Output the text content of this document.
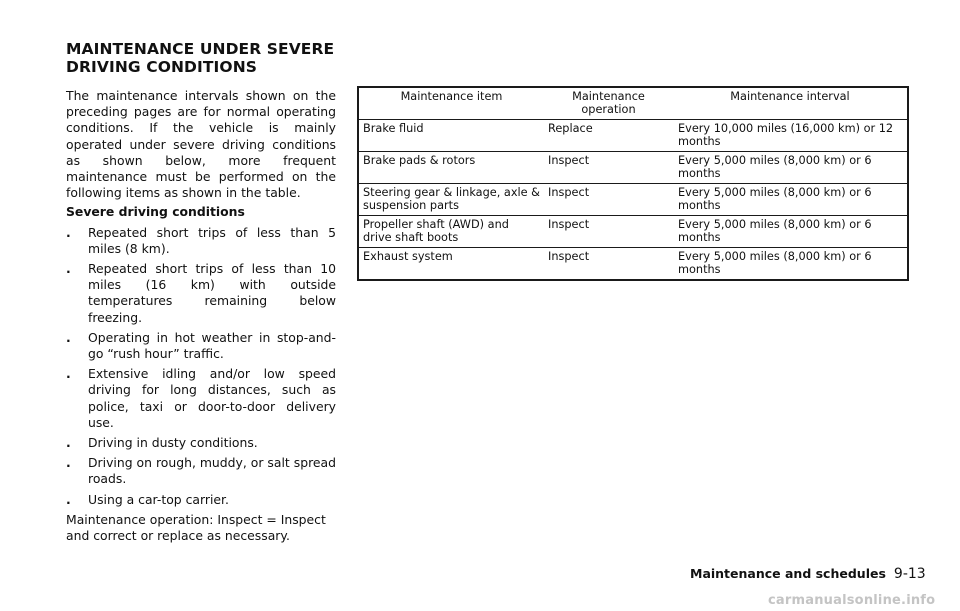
MAINTENANCE UNDER SEVERE
DRIVING CONDITIONS

The maintenance intervals shown on the preceding pages are for normal operating conditions. If the vehicle is mainly operated under severe driving conditions as shown below, more frequent maintenance must be performed on the following items as shown in the table.

Severe driving conditions

. Repeated short trips of less than 5 miles (8 km).
. Repeated short trips of less than 10 miles (16 km) with outside temperatures remaining below freezing.
. Operating in hot weather in stop-and-go “rush hour” traffic.
. Extensive idling and/or low speed driving for long distances, such as police, taxi or door-to-door delivery use.
. Driving in dusty conditions.
. Driving on rough, muddy, or salt spread roads.
. Using a car-top carrier.

Maintenance operation: Inspect = Inspect and correct or replace as necessary.

Maintenance item	Maintenance operation	Maintenance interval
Brake fluid	Replace	Every 10,000 miles (16,000 km) or 12 months
Brake pads & rotors	Inspect	Every 5,000 miles (8,000 km) or 6 months
Steering gear & linkage, axle & suspension parts	Inspect	Every 5,000 miles (8,000 km) or 6 months
Propeller shaft (AWD) and drive shaft boots	Inspect	Every 5,000 miles (8,000 km) or 6 months
Exhaust system	Inspect	Every 5,000 miles (8,000 km) or 6 months
Maintenance and schedules 9-13
carmanualsonline.info
